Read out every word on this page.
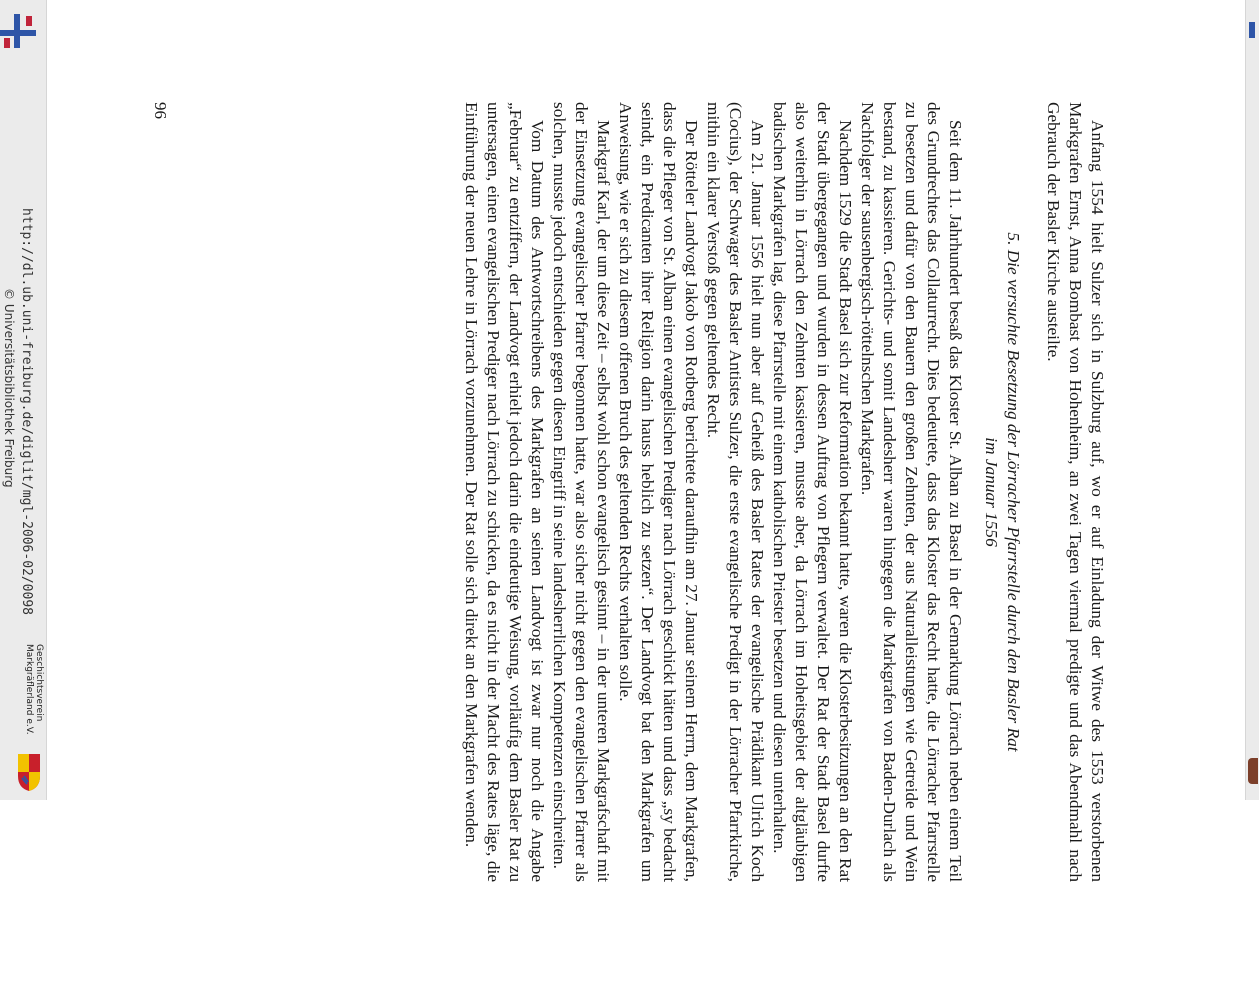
http://dl.ub.uni-freiburg.de/diglit/mgl-2006-02/0098
© Universitätsbibliothek Freiburg
Geschichtsverein
Markgräflerland e.V.	Anfang 1554 hielt Sulzer sich in Sulzburg auf, wo er auf Einladung der Witwe des 1553 verstorbenen Markgrafen Ernst, Anna Bombast von Hohenheim, an zwei Tagen viermal predigte und das Abendmahl nach Gebrauch der Basler Kirche austeilte.

5. Die versuchte Besetzung der Lörracher Pfarrstelle durch den Basler Rat
im Januar 1556

Seit dem 11. Jahrhundert besaß das Kloster St. Alban zu Basel in der Gemarkung Lörrach neben einem Teil des Grundrechtes das Collaturrecht. Dies bedeutete, dass das Kloster das Recht hatte, die Lörracher Pfarrstelle zu besetzen und dafür von den Bauern den großen Zehnten, der aus Naturalleistungen wie Getreide und Wein bestand, zu kassieren. Gerichts- und somit Landesherr waren hingegen die Markgrafen von Baden-Durlach als Nachfolger der sausenbergisch-röttelnschen Markgrafen.

Nachdem 1529 die Stadt Basel sich zur Reformation bekannt hatte, waren die Klosterbesitzungen an den Rat der Stadt übergegangen und wurden in dessen Auftrag von Pflegern verwaltet. Der Rat der Stadt Basel durfte also weiterhin in Lörrach den Zehnten kassieren, musste aber, da Lörrach im Hoheitsgebiet der altgläubigen badischen Markgrafen lag, diese Pfarrstelle mit einem katholischen Priester besetzen und diesen unterhalten.

Am 21. Januar 1556 hielt nun aber auf Geheiß des Basler Rates der evangelische Prädikant Ulrich Koch (Cocius), der Schwager des Basler Antistes Sulzer, die erste evangelische Predigt in der Lörracher Pfarrkirche, mithin ein klarer Verstoß gegen geltendes Recht.

Der Rötteler Landvogt Jakob von Rotberg berichtete daraufhin am 27. Januar seinem Herrn, dem Markgrafen, dass die Pfleger von St. Alban einen evangelischen Prediger nach Lörrach geschickt hätten und dass „sy bedacht seindt, ein Predicanten ihrer Religion darin hauss heblich zu setzen“. Der Landvogt bat den Markgrafen um Anweisung, wie er sich zu diesem offenen Bruch des geltenden Rechts verhalten solle.

Markgraf Karl, der um diese Zeit – selbst wohl schon evangelisch gesinnt – in der unteren Markgrafschaft mit der Einsetzung evangelischer Pfarrer begonnen hatte, war also sicher nicht gegen den evangelischen Pfarrer als solchen, musste jedoch entschieden gegen diesen Eingriff in seine landesherrlichen Kompetenzen einschreiten.

Vom Datum des Antwortschreibens des Markgrafen an seinen Landvogt ist zwar nur noch die Angabe „Februar“ zu entziffern, der Landvogt erhielt jedoch darin die eindeutige Weisung, vorläufig dem Basler Rat zu untersagen, einen evangelischen Prediger nach Lörrach zu schicken, da es nicht in der Macht des Rates läge, die Einführung der neuen Lehre in Lörrach vorzunehmen. Der Rat solle sich direkt an den Markgrafen wenden.

96
